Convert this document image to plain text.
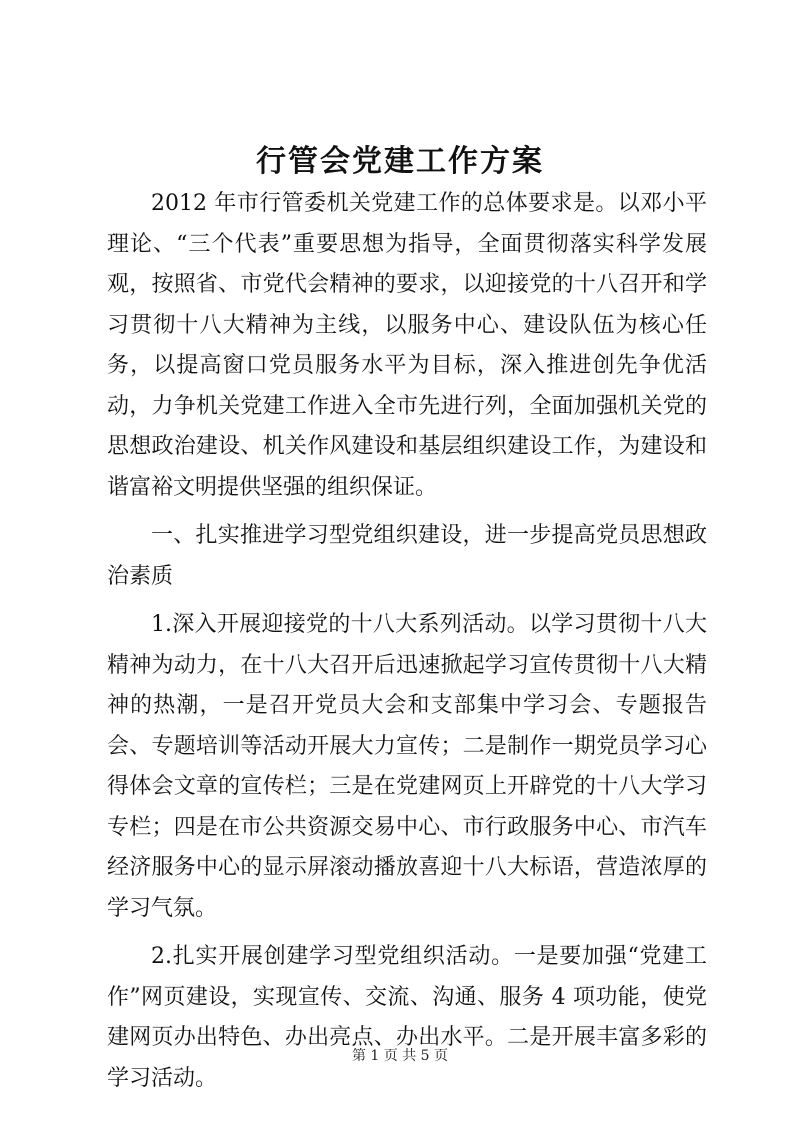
行管会党建工作方案

2012 年市行管委机关党建工作的总体要求是。以邓小平理论、“三个代表”重要思想为指导，全面贯彻落实科学发展观，按照省、市党代会精神的要求，以迎接党的十八召开和学习贯彻十八大精神为主线，以服务中心、建设队伍为核心任务，以提高窗口党员服务水平为目标，深入推进创先争优活动，力争机关党建工作进入全市先进行列，全面加强机关党的思想政治建设、机关作风建设和基层组织建设工作，为建设和谐富裕文明提供坚强的组织保证。

一、扎实推进学习型党组织建设，进一步提高党员思想政治素质

1.深入开展迎接党的十八大系列活动。以学习贯彻十八大精神为动力，在十八大召开后迅速掀起学习宣传贯彻十八大精神的热潮，一是召开党员大会和支部集中学习会、专题报告会、专题培训等活动开展大力宣传；二是制作一期党员学习心得体会文章的宣传栏；三是在党建网页上开辟党的十八大学习专栏；四是在市公共资源交易中心、市行政服务中心、市汽车经济服务中心的显示屏滚动播放喜迎十八大标语，营造浓厚的学习气氛。

2.扎实开展创建学习型党组织活动。一是要加强“党建工作”网页建设，实现宣传、交流、沟通、服务 4 项功能，使党建网页办出特色、办出亮点、办出水平。二是开展丰富多彩的学习活动。

第 1 页 共 5 页
